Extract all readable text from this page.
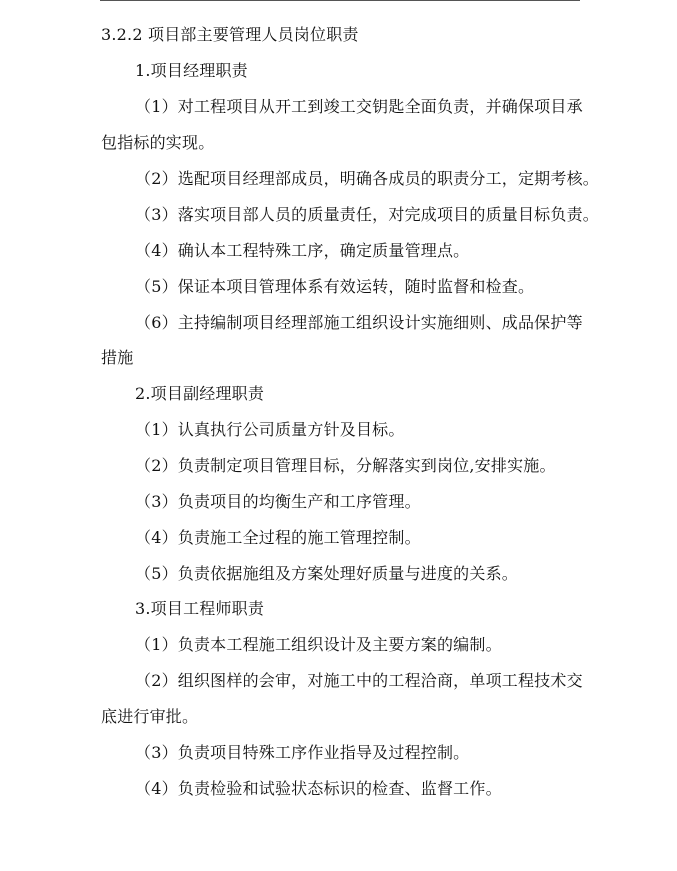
3.2.2 项目部主要管理人员岗位职责
1.项目经理职责
（1）对工程项目从开工到竣工交钥匙全面负责，并确保项目承
包指标的实现。
（2）选配项目经理部成员，明确各成员的职责分工，定期考核。
（3）落实项目部人员的质量责任，对完成项目的质量目标负责。
（4）确认本工程特殊工序，确定质量管理点。
（5）保证本项目管理体系有效运转，随时监督和检查。
（6）主持编制项目经理部施工组织设计实施细则、成品保护等
措施
2.项目副经理职责
（1）认真执行公司质量方针及目标。
（2）负责制定项目管理目标，分解落实到岗位,安排实施。
（3）负责项目的均衡生产和工序管理。
（4）负责施工全过程的施工管理控制。
（5）负责依据施组及方案处理好质量与进度的关系。
3.项目工程师职责
（1）负责本工程施工组织设计及主要方案的编制。
（2）组织图样的会审，对施工中的工程洽商，单项工程技术交
底进行审批。
（3）负责项目特殊工序作业指导及过程控制。
（4）负责检验和试验状态标识的检查、监督工作。
